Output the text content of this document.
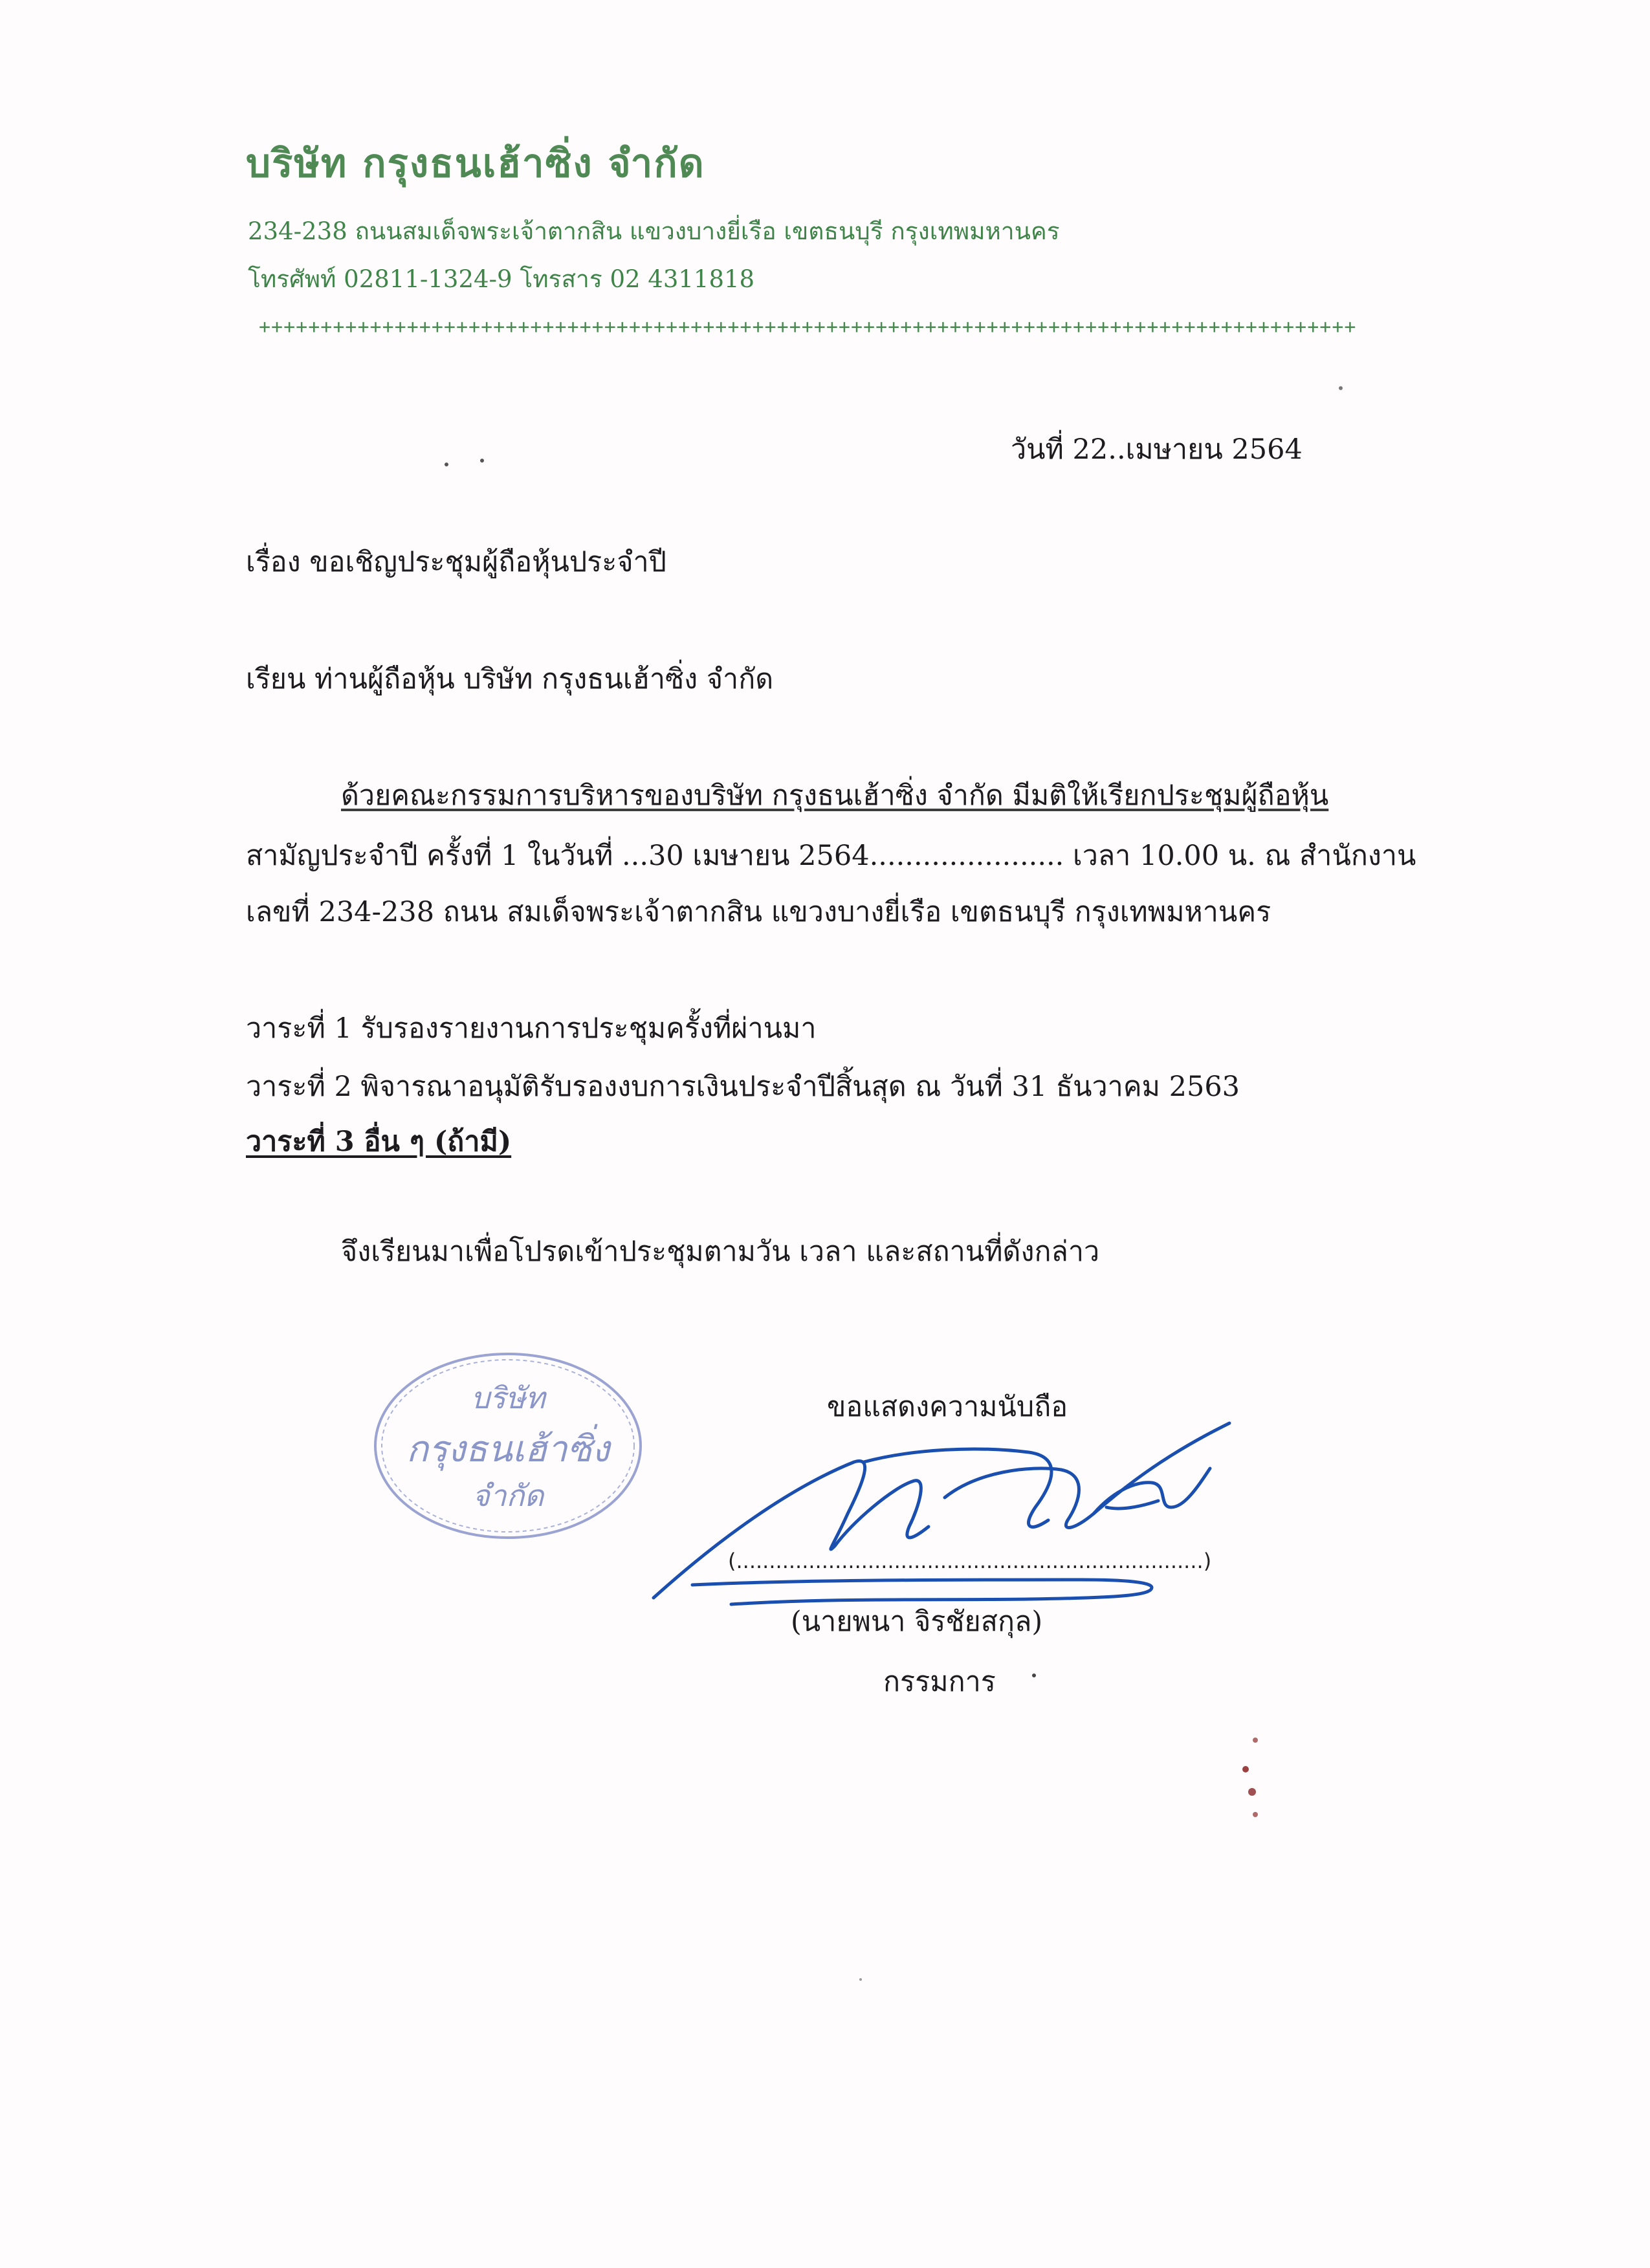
บริษัท กรุงธนเฮ้าซิ่ง จำกัด
234-238 ถนนสมเด็จพระเจ้าตากสิน แขวงบางยี่เรือ เขตธนบุรี กรุงเทพมหานคร
โทรศัพท์ 02811-1324-9 โทรสาร 02 4311818
+++++++++++++++++++++++++++++++++++++++++++++++++++++++++++++++++++++++++++++++++++++++++
วันที่ 22..เมษายน 2564
เรื่อง ขอเชิญประชุมผู้ถือหุ้นประจำปี
เรียน ท่านผู้ถือหุ้น บริษัท กรุงธนเฮ้าซิ่ง จำกัด
ด้วยคณะกรรมการบริหารของบริษัท กรุงธนเฮ้าซิ่ง จำกัด มีมติให้เรียกประชุมผู้ถือหุ้น
สามัญประจำปี ครั้งที่ 1 ในวันที่ ...30 เมษายน 2564...................... เวลา 10.00 น. ณ สำนักงาน
เลขที่ 234-238 ถนน สมเด็จพระเจ้าตากสิน แขวงบางยี่เรือ เขตธนบุรี กรุงเทพมหานคร
วาระที่ 1 รับรองรายงานการประชุมครั้งที่ผ่านมา
วาระที่ 2 พิจารณาอนุมัติรับรองงบการเงินประจำปีสิ้นสุด ณ วันที่ 31 ธันวาคม 2563
วาระที่ 3 อื่น ๆ (ถ้ามี)
จึงเรียนมาเพื่อโปรดเข้าประชุมตามวัน เวลา และสถานที่ดังกล่าว
ขอแสดงความนับถือ
บริษัท
กรุงธนเฮ้าซิ่ง
จำกัด
(.......................................................................)
(นายพนา จิรชัยสกุล)
กรรมการ
